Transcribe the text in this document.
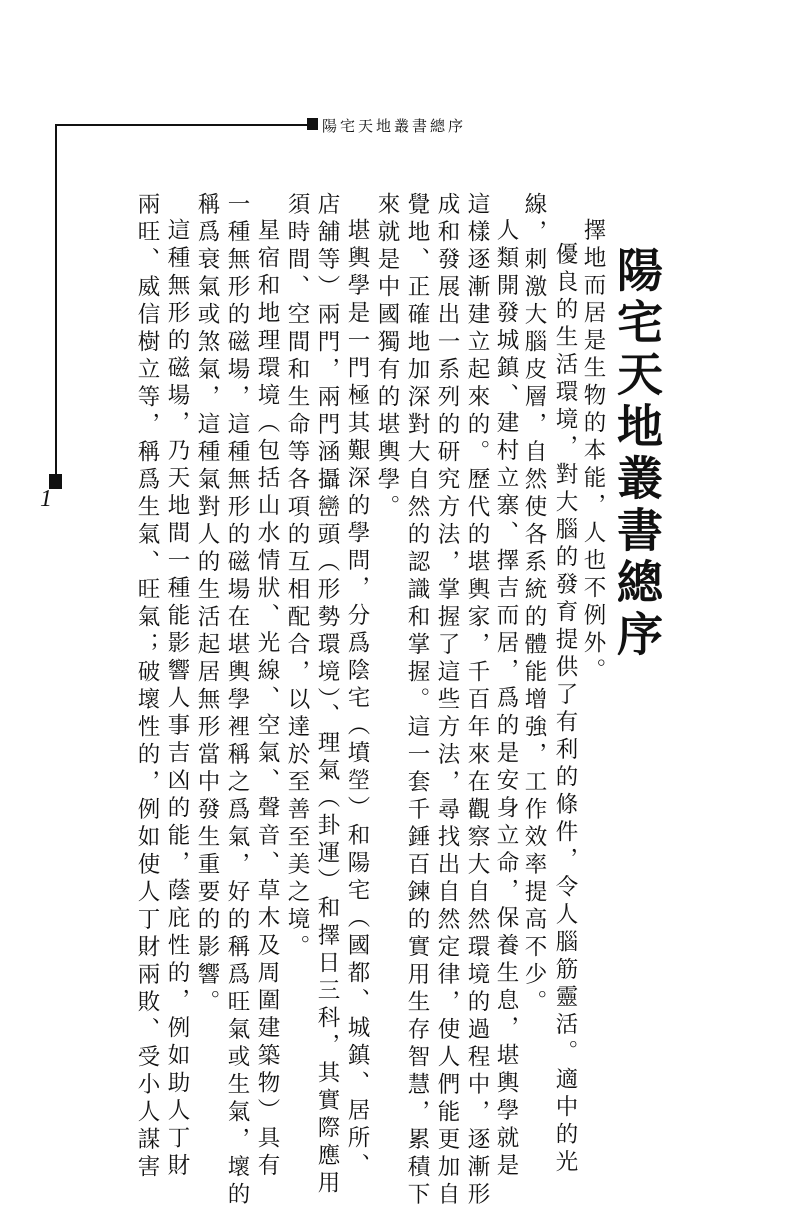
陽宅天地叢書總序
1	陽宅天地叢書總序
擇地而居是生物的本能，人也不例外。
優良的生活環境，對大腦的發育提供了有利的條件，令人腦筋靈活。適中的光
線，刺激大腦皮層，自然使各系統的體能增強，工作效率提高不少。
人類開發城鎮、建村立寨、擇吉而居，爲的是安身立命，保養生息，堪輿學就是
這樣逐漸建立起來的。歷代的堪輿家，千百年來在觀察大自然環境的過程中，逐漸形
成和發展出一系列的研究方法，掌握了這些方法，尋找出自然定律，使人們能更加自
覺地、正確地加深對大自然的認識和掌握。這一套千錘百鍊的實用生存智慧，累積下
來就是中國獨有的堪輿學。
堪輿學是一門極其艱深的學問，分爲陰宅（墳塋）和陽宅（國都、城鎮、居所、
店舖等）兩門，兩門涵攝巒頭（形勢環境）、理氣（卦運）和擇日三科，其實際應用
須時間、空間和生命等各項的互相配合，以達於至善至美之境。
星宿和地理環境（包括山水情狀、光線、空氣、聲音、草木及周圍建築物）具有
一種無形的磁場，這種無形的磁場在堪輿學裡稱之爲氣，好的稱爲旺氣或生氣，壞的
稱爲衰氣或煞氣，這種氣對人的生活起居無形當中發生重要的影響。
這種無形的磁場，乃天地間一種能影響人事吉凶的能，蔭庇性的，例如助人丁財
兩旺、威信樹立等，稱爲生氣、旺氣；破壞性的，例如使人丁財兩敗、受小人謀害
